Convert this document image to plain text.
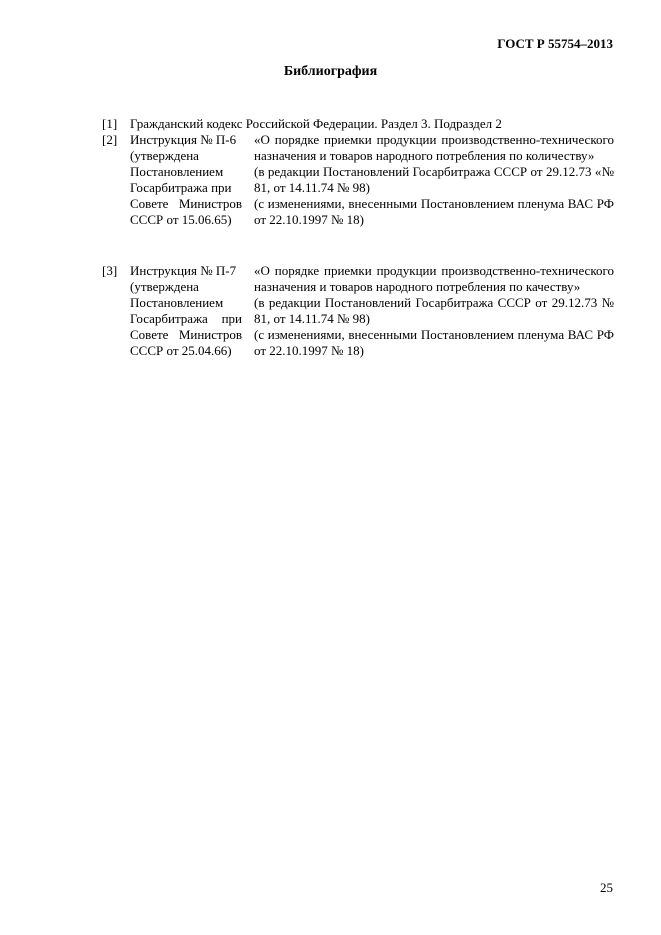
ГОСТ Р 55754–2013
Библиография
[1] Гражданский кодекс Российской Федерации. Раздел 3. Подраздел 2
[2] Инструкция № П-6
(утверждена
Постановлением
Госарбитража при
Совете Министров
СССР от 15.06.65)
«О порядке приемки продукции производственно-технического назначения и товаров народного потребления по количеству»
(в редакции Постановлений Госарбитража СССР от 29.12.73 «№ 81, от 14.11.74 № 98)
(с изменениями, внесенными Постановлением пленума ВАС РФ от 22.10.1997 № 18)
[3] Инструкция № П-7
(утверждена
Постановлением
Госарбитража при
Совете Министров
СССР от 25.04.66)
«О порядке приемки продукции производственно-технического назначения и товаров народного потребления по качеству»
(в редакции Постановлений Госарбитража СССР от 29.12.73 № 81, от 14.11.74 № 98)
(с изменениями, внесенными Постановлением пленума ВАС РФ от 22.10.1997 № 18)
25
